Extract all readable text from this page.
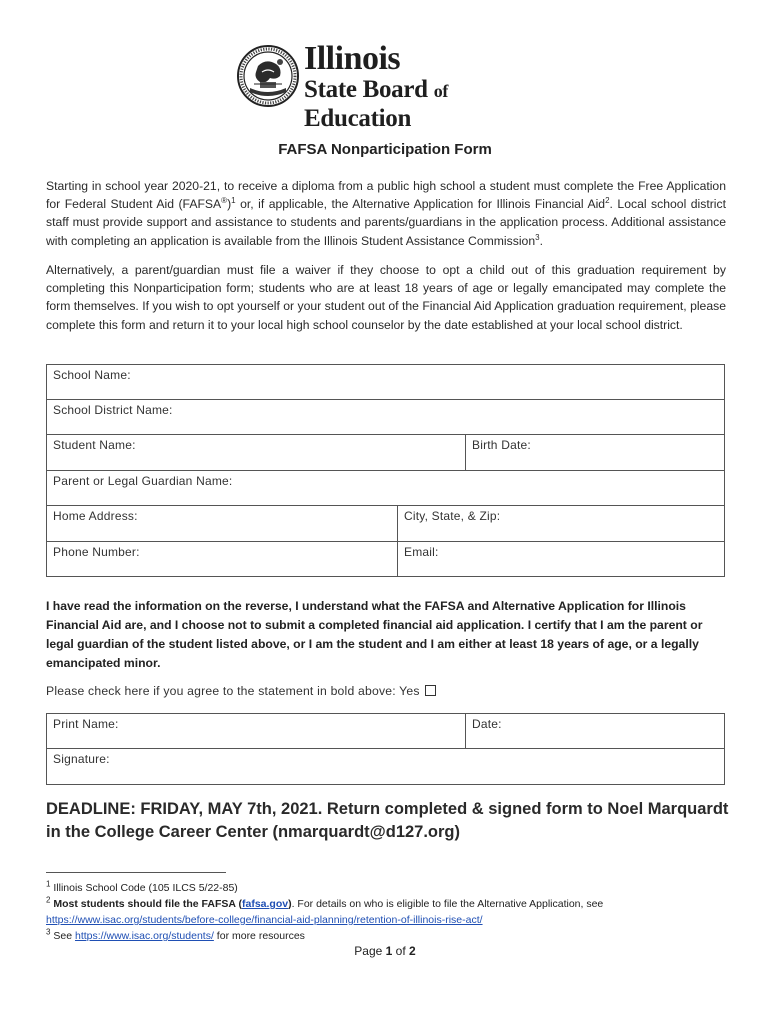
Illinois
State Board of Education
FAFSA Nonparticipation Form
Starting in school year 2020-21, to receive a diploma from a public high school a student must complete the Free Application for Federal Student Aid (FAFSA®)$^1$ or, if applicable, the Alternative Application for Illinois Financial Aid$^2$. Local school district staff must provide support and assistance to students and parents/guardians in the application process. Additional assistance with completing an application is available from the Illinois Student Assistance Commission$^3$.
Alternatively, a parent/guardian must file a waiver if they choose to opt a child out of this graduation requirement by completing this Nonparticipation form; students who are at least 18 years of age or legally emancipated may complete the form themselves. If you wish to opt yourself or your student out of the Financial Aid Application graduation requirement, please complete this form and return it to your local high school counselor by the date established at your local school district.
School Name:
School District Name:
Student Name:	Birth Date:
Parent or Legal Guardian Name:
Home Address:	City, State, & Zip:
Phone Number:	Email:
I have read the information on the reverse, I understand what the FAFSA and Alternative Application for Illinois Financial Aid are, and I choose not to submit a completed financial aid application. I certify that I am the parent or legal guardian of the student listed above, or I am the student and I am either at least 18 years of age, or a legally emancipated minor.
Please check here if you agree to the statement in bold above: Yes
Print Name:	Date:
Signature:
DEADLINE: FRIDAY, MAY 7th, 2021. Return completed & signed form to Noel Marquardt in the College Career Center (nmarquardt@d127.org)
$^1$ Illinois School Code (105 ILCS 5/22-85)
$^2$ Most students should file the FAFSA (fafsa.gov). For details on who is eligible to file the Alternative Application, see
https://www.isac.org/students/before-college/financial-aid-planning/retention-of-illinois-rise-act/
$^3$ See https://www.isac.org/students/ for more resources
Page 1 of 2
